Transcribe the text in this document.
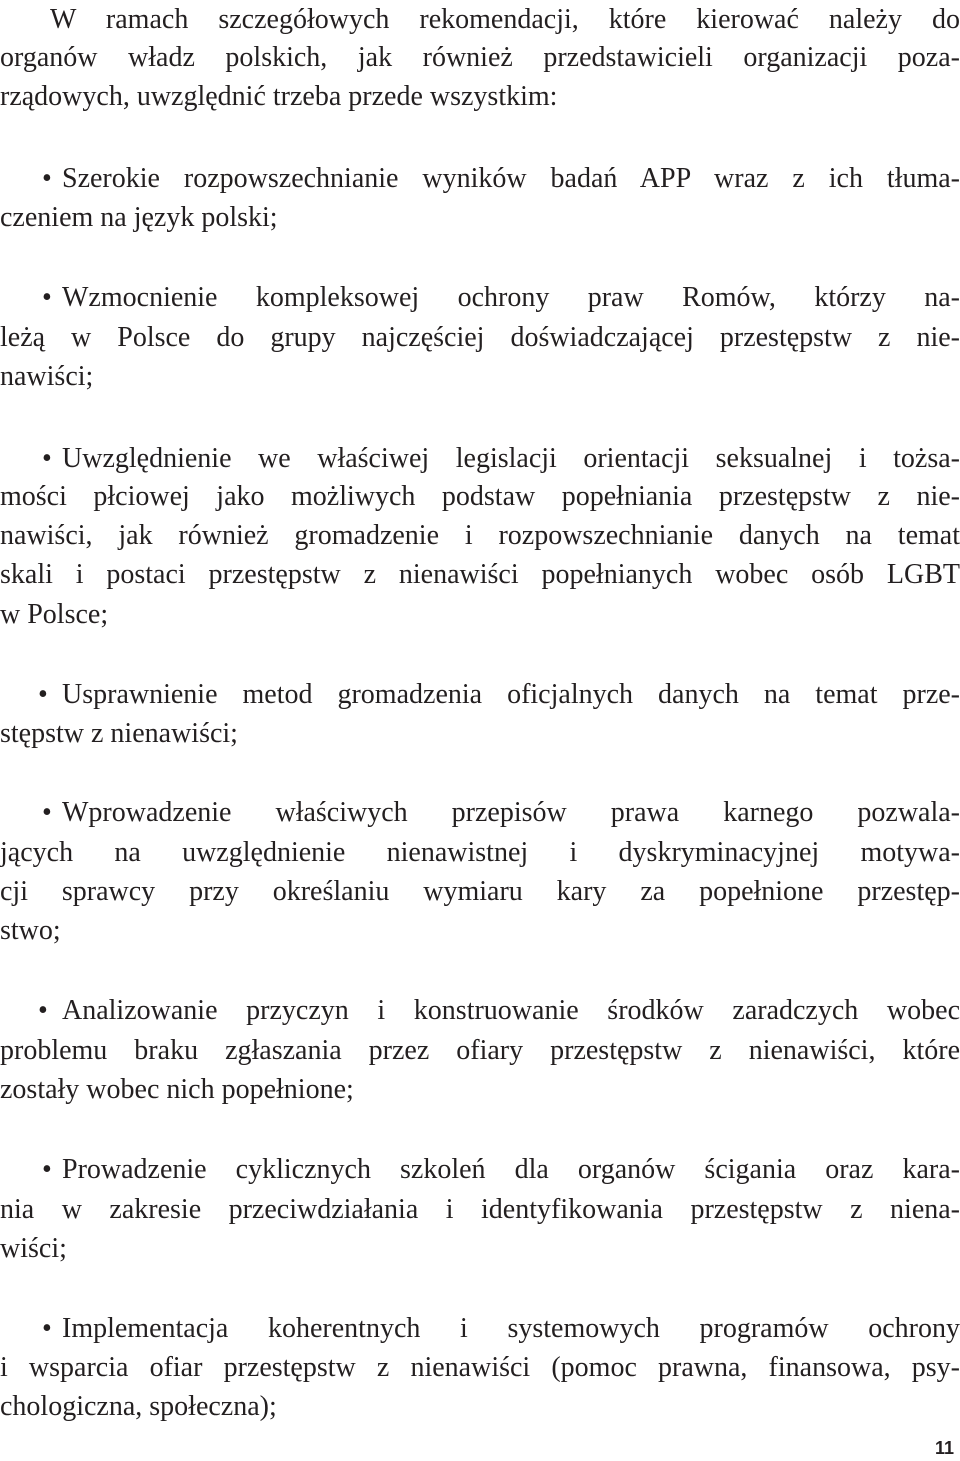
W ramach szczegółowych rekomendacji, które kierować należy do
organów władz polskich, jak również przedstawicieli organizacji poza-
rządowych, uwzględnić trzeba przede wszystkim:
• Szerokie rozpowszechnianie wyników badań APP wraz z ich tłuma-
czeniem na język polski;
• Wzmocnienie kompleksowej ochrony praw Romów, którzy na-
leżą w Polsce do grupy najczęściej doświadczającej przestępstw z nie-
nawiści;
• Uwzględnienie we właściwej legislacji orientacji seksualnej i tożsa-
mości płciowej jako możliwych podstaw popełniania przestępstw z nie-
nawiści, jak również gromadzenie i rozpowszechnianie danych na temat
skali i postaci przestępstw z nienawiści popełnianych wobec osób LGBT
w Polsce;
• Usprawnienie metod gromadzenia oficjalnych danych na temat prze-
stępstw z nienawiści;
• Wprowadzenie właściwych przepisów prawa karnego pozwala-
jących na uwzględnienie nienawistnej i dyskryminacyjnej motywa-
cji sprawcy przy określaniu wymiaru kary za popełnione przestęp-
stwo;
• Analizowanie przyczyn i konstruowanie środków zaradczych wobec
problemu braku zgłaszania przez ofiary przestępstw z nienawiści, które
zostały wobec nich popełnione;
• Prowadzenie cyklicznych szkoleń dla organów ścigania oraz kara-
nia w zakresie przeciwdziałania i identyfikowania przestępstw z niena-
wiści;
• Implementacja koherentnych i systemowych programów ochrony
i wsparcia ofiar przestępstw z nienawiści (pomoc prawna, finansowa, psy-
chologiczna, społeczna);
11
